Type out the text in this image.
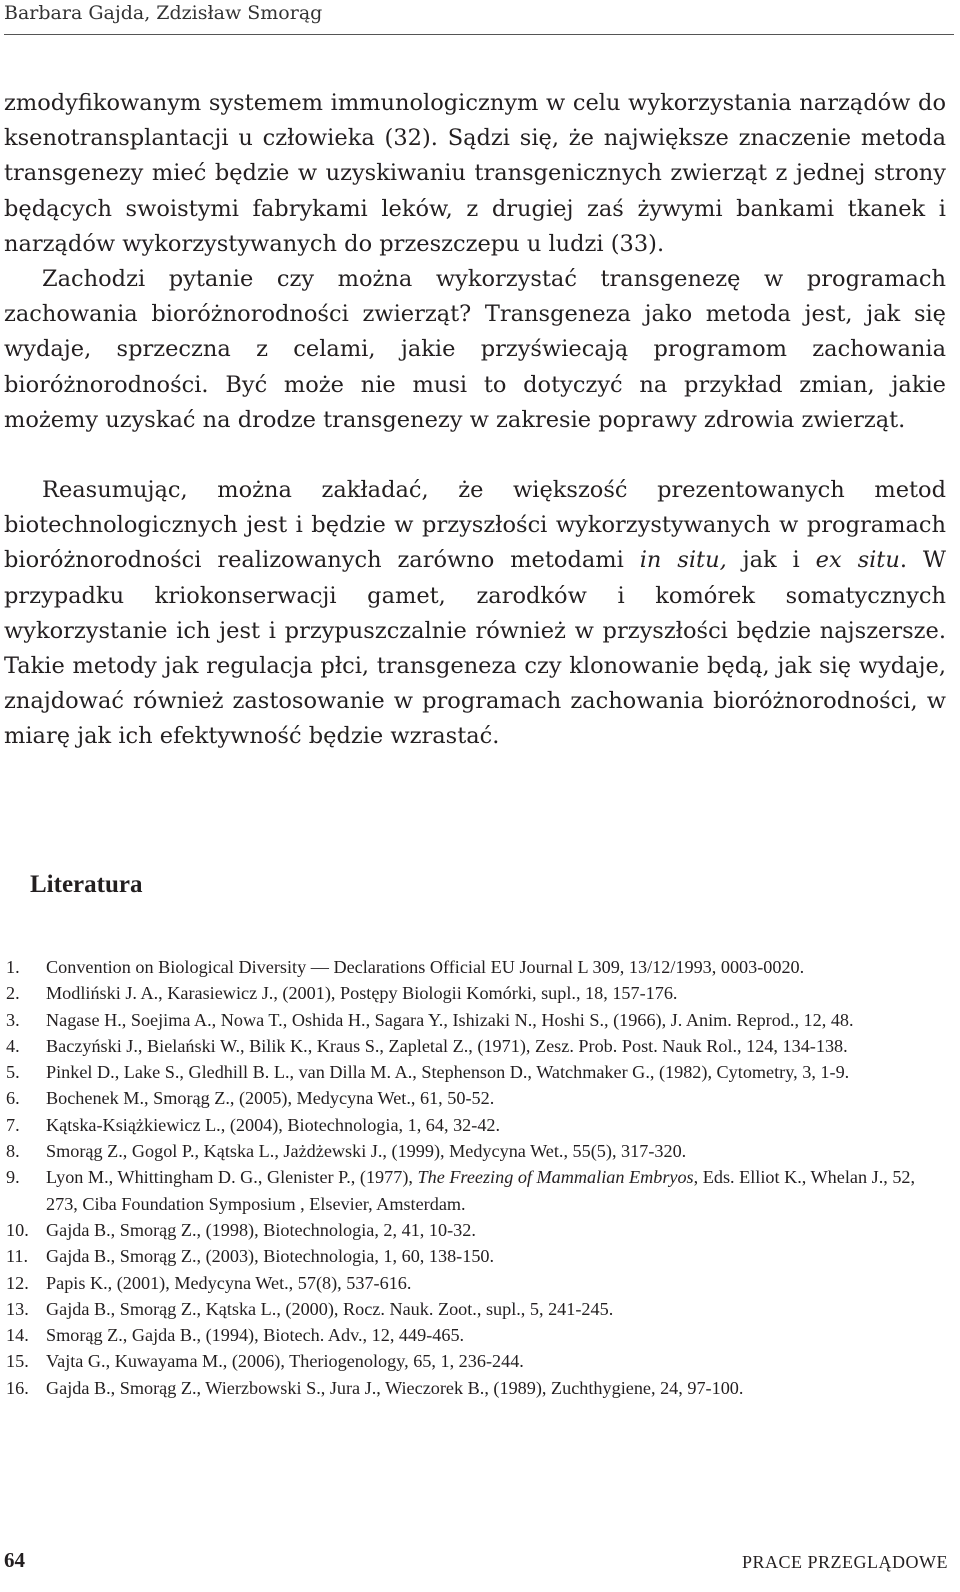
Barbara Gajda, Zdzisław Smorąg

zmodyfikowanym systemem immunologicznym w celu wykorzystania narządów do ksenotransplantacji u człowieka (32). Sądzi się, że największe znaczenie metoda transgenezy mieć będzie w uzyskiwaniu transgenicznych zwierząt z jednej strony będących swoistymi fabrykami leków, z drugiej zaś żywymi bankami tkanek i narządów wykorzystywanych do przeszczepu u ludzi (33).

Zachodzi pytanie czy można wykorzystać transgenezę w programach zachowania bioróżnorodności zwierząt? Transgeneza jako metoda jest, jak się wydaje, sprzeczna z celami, jakie przyświecają programom zachowania bioróżnorodności. Być może nie musi to dotyczyć na przykład zmian, jakie możemy uzyskać na drodze transgenezy w zakresie poprawy zdrowia zwierząt.

Reasumując, można zakładać, że większość prezentowanych metod biotechnologicznych jest i będzie w przyszłości wykorzystywanych w programach bioróżnorodności realizowanych zarówno metodami in situ, jak i ex situ. W przypadku kriokonserwacji gamet, zarodków i komórek somatycznych wykorzystanie ich jest i przypuszczalnie również w przyszłości będzie najszersze. Takie metody jak regulacja płci, transgeneza czy klonowanie będą, jak się wydaje, znajdować również zastosowanie w programach zachowania bioróżnorodności, w miarę jak ich efektywność będzie wzrastać.

Literatura
1. Convention on Biological Diversity — Declarations Official EU Journal L 309, 13/12/1993, 0003-0020.
2. Modliński J. A., Karasiewicz J., (2001), Postępy Biologii Komórki, supl., 18, 157-176.
3. Nagase H., Soejima A., Nowa T., Oshida H., Sagara Y., Ishizaki N., Hoshi S., (1966), J. Anim. Reprod., 12, 48.
4. Baczyński J., Bielański W., Bilik K., Kraus S., Zapletal Z., (1971), Zesz. Prob. Post. Nauk Rol., 124, 134-138.
5. Pinkel D., Lake S., Gledhill B. L., van Dilla M. A., Stephenson D., Watchmaker G., (1982), Cytometry, 3, 1-9.
6. Bochenek M., Smorąg Z., (2005), Medycyna Wet., 61, 50-52.
7. Kątska-Książkiewicz L., (2004), Biotechnologia, 1, 64, 32-42.
8. Smorąg Z., Gogol P., Kątska L., Jażdżewski J., (1999), Medycyna Wet., 55(5), 317-320.
9. Lyon M., Whittingham D. G., Glenister P., (1977), The Freezing of Mammalian Embryos, Eds. Elliot K., Whelan J., 52, 273, Ciba Foundation Symposium , Elsevier, Amsterdam.
10. Gajda B., Smorąg Z., (1998), Biotechnologia, 2, 41, 10-32.
11. Gajda B., Smorąg Z., (2003), Biotechnologia, 1, 60, 138-150.
12. Papis K., (2001), Medycyna Wet., 57(8), 537-616.
13. Gajda B., Smorąg Z., Kątska L., (2000), Rocz. Nauk. Zoot., supl., 5, 241-245.
14. Smorąg Z., Gajda B., (1994), Biotech. Adv., 12, 449-465.
15. Vajta G., Kuwayama M., (2006), Theriogenology, 65, 1, 236-244.
16. Gajda B., Smorąg Z., Wierzbowski S., Jura J., Wieczorek B., (1989), Zuchthygiene, 24, 97-100.
64	PRACE PRZEGLĄDOWE
